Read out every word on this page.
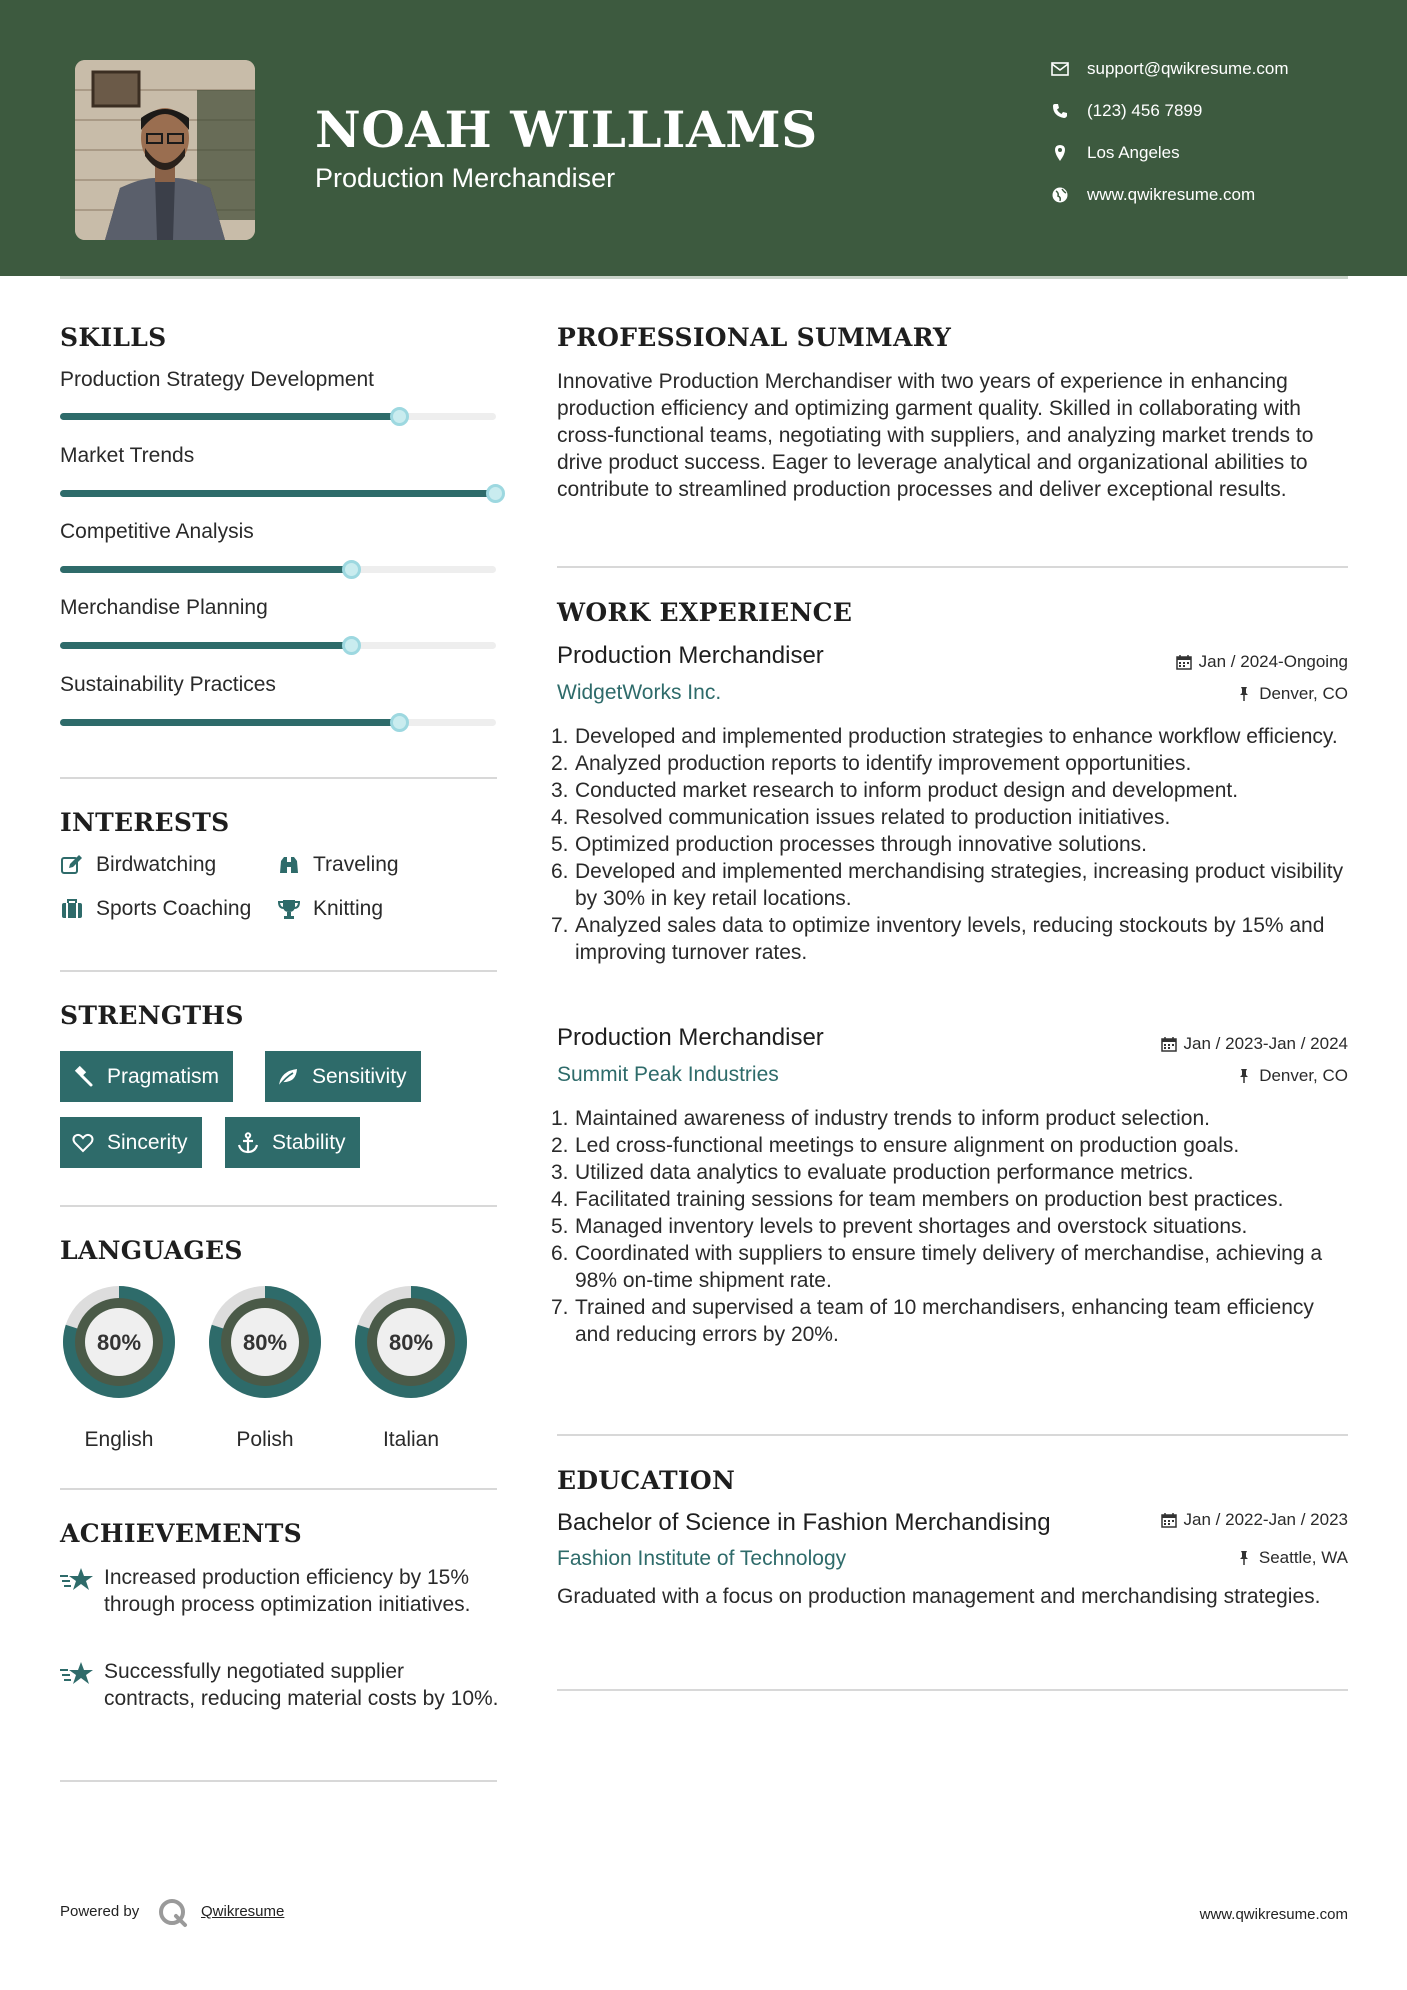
NOAH WILLIAMS
Production Merchandiser
support@qwikresume.com
(123) 456 7899
Los Angeles
www.qwikresume.com
SKILLS
Production Strategy Development
Market Trends
Competitive Analysis
Merchandise Planning
Sustainability Practices
INTERESTS
Birdwatching	Traveling
Sports Coaching	Knitting
STRENGTHS
Pragmatism	Sensitivity
Sincerity	Stability
LANGUAGES
80%
English
80%
Polish
80%
Italian
ACHIEVEMENTS
Increased production efficiency by 15% through process optimization initiatives.
Successfully negotiated supplier contracts, reducing material costs by 10%.
PROFESSIONAL SUMMARY
Innovative Production Merchandiser with two years of experience in enhancing production efficiency and optimizing garment quality. Skilled in collaborating with cross-functional teams, negotiating with suppliers, and analyzing market trends to drive product success. Eager to leverage analytical and organizational abilities to contribute to streamlined production processes and deliver exceptional results.
WORK EXPERIENCE
Production Merchandiser	Jan / 2024-Ongoing
WidgetWorks Inc.	Denver, CO
1. Developed and implemented production strategies to enhance workflow efficiency.
2. Analyzed production reports to identify improvement opportunities.
3. Conducted market research to inform product design and development.
4. Resolved communication issues related to production initiatives.
5. Optimized production processes through innovative solutions.
6. Developed and implemented merchandising strategies, increasing product visibility by 30% in key retail locations.
7. Analyzed sales data to optimize inventory levels, reducing stockouts by 15% and improving turnover rates.
Production Merchandiser	Jan / 2023-Jan / 2024
Summit Peak Industries	Denver, CO
1. Maintained awareness of industry trends to inform product selection.
2. Led cross-functional meetings to ensure alignment on production goals.
3. Utilized data analytics to evaluate production performance metrics.
4. Facilitated training sessions for team members on production best practices.
5. Managed inventory levels to prevent shortages and overstock situations.
6. Coordinated with suppliers to ensure timely delivery of merchandise, achieving a 98% on-time shipment rate.
7. Trained and supervised a team of 10 merchandisers, enhancing team efficiency and reducing errors by 20%.
EDUCATION
Bachelor of Science in Fashion Merchandising	Jan / 2022-Jan / 2023
Fashion Institute of Technology	Seattle, WA
Graduated with a focus on production management and merchandising strategies.
Powered by	Qwikresume	www.qwikresume.com
